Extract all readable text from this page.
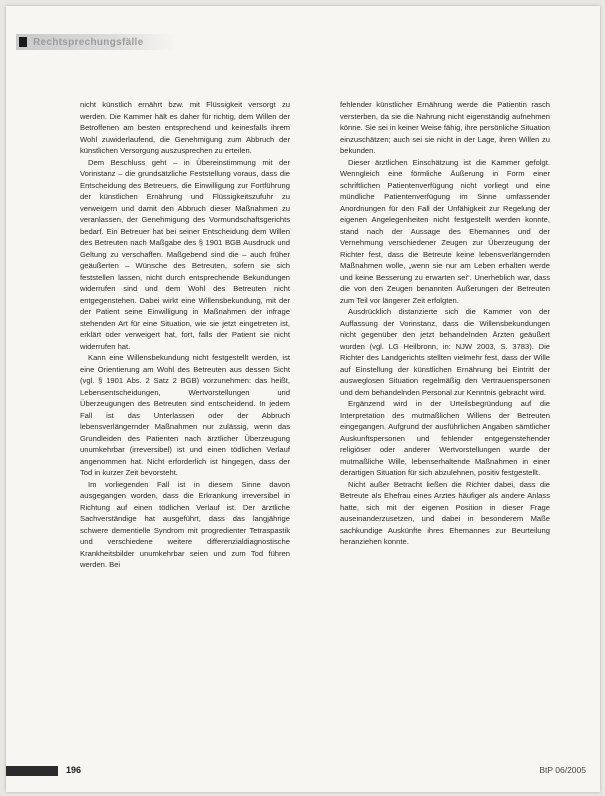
Rechtsprechungsfälle

nicht künstlich ernährt bzw. mit Flüssigkeit versorgt zu werden. Die Kammer hält es daher für richtig, dem Willen der Betroffenen am besten entsprechend und keinesfalls ihrem Wohl zuwiderlaufend, die Genehmigung zum Abbruch der künstlichen Versorgung auszusprechen zu erteilen.

Dem Beschluss geht – in Übereinstimmung mit der Vorinstanz – die grundsätzliche Feststellung voraus, dass die Entscheidung des Betreuers, die Einwilligung zur Fortführung der künstlichen Ernährung und Flüssigkeitszufuhr zu verweigern und damit den Abbruch dieser Maßnahmen zu veranlassen, der Genehmigung des Vormundschaftsgerichts bedarf. Ein Betreuer hat bei seiner Entscheidung dem Willen des Betreuten nach Maßgabe des § 1901 BGB Ausdruck und Geltung zu verschaffen. Maßgebend sind die – auch früher geäußerten – Wünsche des Betreuten, sofern sie sich feststellen lassen, nicht durch entsprechende Bekundungen widerrufen sind und dem Wohl des Betreuten nicht entgegenstehen. Dabei wirkt eine Willensbekundung, mit der der Patient seine Einwilligung in Maßnahmen der infrage stehenden Art für eine Situation, wie sie jetzt eingetreten ist, erklärt oder verweigert hat, fort, falls der Patient sie nicht widerrufen hat.

Kann eine Willensbekundung nicht festgestellt werden, ist eine Orientierung am Wohl des Betreuten aus dessen Sicht (vgl. § 1901 Abs. 2 Satz 2 BGB) vorzunehmen: das heißt, Lebensentscheidungen, Wertvorstellungen und Überzeugungen des Betreuten sind entscheidend. In jedem Fall ist das Unterlassen oder der Abbruch lebensverlängernder Maßnahmen nur zulässig, wenn das Grundleiden des Patienten nach ärztlicher Überzeugung unumkehrbar (irreversibel) ist und einen tödlichen Verlauf angenommen hat. Nicht erforderlich ist hingegen, dass der Tod in kurzer Zeit bevorsteht.

Im vorliegenden Fall ist in diesem Sinne davon ausgegangen worden, dass die Erkrankung irreversibel in Richtung auf einen tödlichen Verlauf ist. Der ärztliche Sachverständige hat ausgeführt, dass das langjährige schwere dementielle Syndrom mit progredienter Tetraspastik und verschiedene weitere differenzialdiagnostische Krankheitsbilder unumkehrbar seien und zum Tod führen werden. Bei

fehlender künstlicher Ernährung werde die Patientin rasch versterben, da sie die Nahrung nicht eigenständig aufnehmen könne. Sie sei in keiner Weise fähig, ihre persönliche Situation einzuschätzen; auch sei sie nicht in der Lage, ihren Willen zu bekunden.

Dieser ärztlichen Einschätzung ist die Kammer gefolgt. Wenngleich eine förmliche Äußerung in Form einer schriftlichen Patientenverfügung nicht vorliegt und eine mündliche Patientenverfügung im Sinne umfassender Anordnungen für den Fall der Unfähigkeit zur Regelung der eigenen Angelegenheiten nicht festgestellt werden konnte, stand nach der Aussage des Ehemannes und der Vernehmung verschiedener Zeugen zur Überzeugung der Richter fest, dass die Betreute keine lebensverlängernden Maßnahmen wolle, „wenn sie nur am Leben erhalten werde und keine Besserung zu erwarten sei“. Unerheblich war, dass die von den Zeugen benannten Äußerungen der Betreuten zum Teil vor längerer Zeit erfolgten.

Ausdrücklich distanzierte sich die Kammer von der Auffassung der Vorinstanz, dass die Willensbekundungen nicht gegenüber den jetzt behandelnden Ärzten geäußert wurden (vgl. LG Heilbronn, in: NJW 2003, S. 3783). Die Richter des Landgerichts stellten vielmehr fest, dass der Wille auf Einstellung der künstlichen Ernährung bei Eintritt der ausweglosen Situation regelmäßig den Vertrauenspersonen und dem behandelnden Personal zur Kenntnis gebracht wird.

Ergänzend wird in der Urteilsbegründung auf die Interpretation des mutmaßlichen Willens der Betreuten eingegangen. Aufgrund der ausführlichen Angaben sämtlicher Auskunftspersonen und fehlender entgegenstehender religiöser oder anderer Wertvorstellungen wurde der mutmaßliche Wille, lebenserhaltende Maßnahmen in einer derartigen Situation für sich abzulehnen, positiv festgestellt.

Nicht außer Betracht ließen die Richter dabei, dass die Betreute als Ehefrau eines Arztes häufiger als andere Anlass hatte, sich mit der eigenen Position in dieser Frage auseinanderzusetzen, und dabei in besonderem Maße sachkundige Auskünfte ihres Ehemannes zur Beurteilung heranziehen konnte.

196	BtP 06/2005
